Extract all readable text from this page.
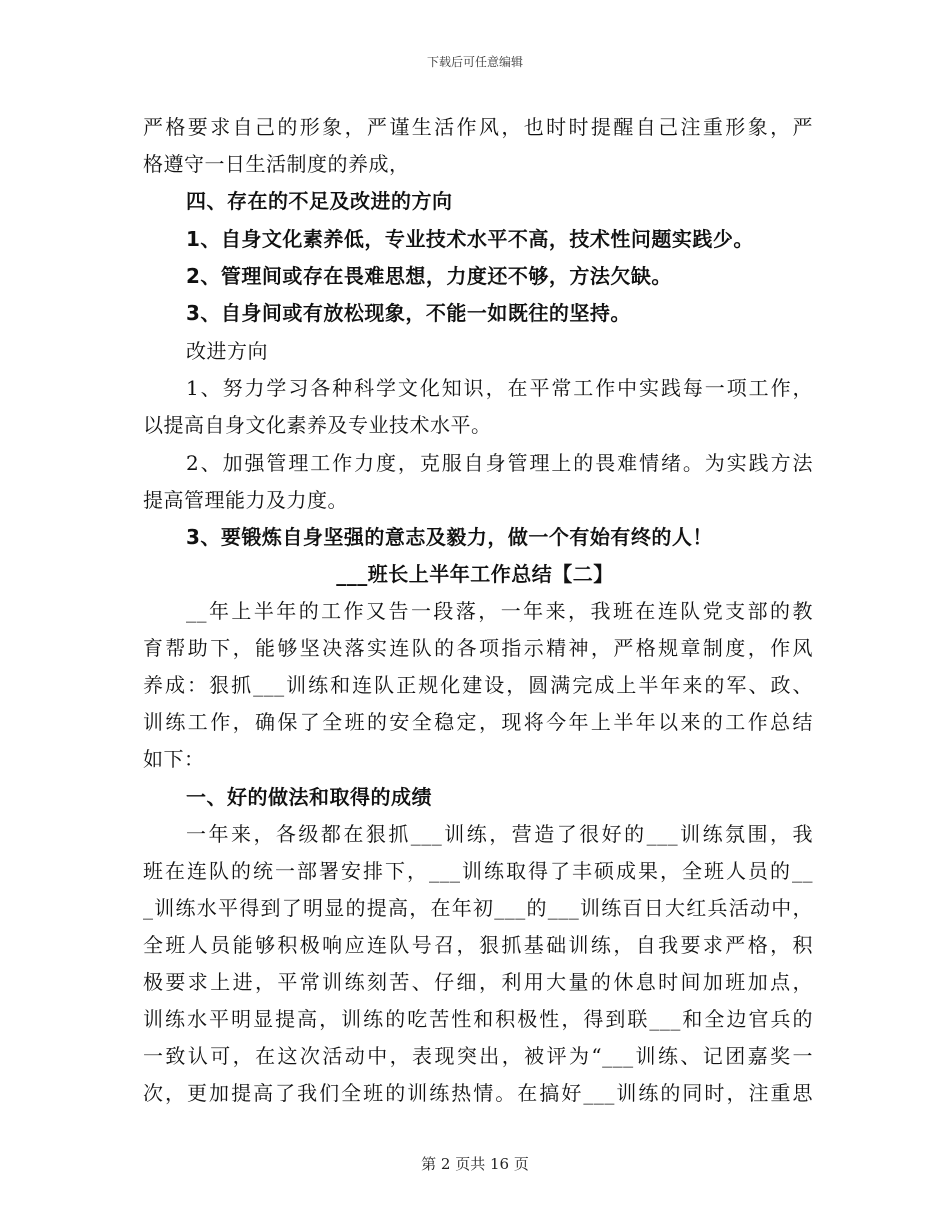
下载后可任意编辑
严格要求自己的形象，严谨生活作风，也时时提醒自己注重形象，严
格遵守一日生活制度的养成，
四、存在的不足及改进的方向
1、自身文化素养低，专业技术水平不高，技术性问题实践少。
2、管理间或存在畏难思想，力度还不够，方法欠缺。
3、自身间或有放松现象，不能一如既往的坚持。
改进方向
1、努力学习各种科学文化知识，在平常工作中实践每一项工作，
以提高自身文化素养及专业技术水平。
2、加强管理工作力度，克服自身管理上的畏难情绪。为实践方法
提高管理能力及力度。
3、要锻炼自身坚强的意志及毅力，做一个有始有终的人！
___班长上半年工作总结【二】
__年上半年的工作又告一段落，一年来，我班在连队党支部的教
育帮助下，能够坚决落实连队的各项指示精神，严格规章制度，作风
养成：狠抓___训练和连队正规化建设，圆满完成上半年来的军、政、
训练工作，确保了全班的安全稳定，现将今年上半年以来的工作总结
如下：
一、好的做法和取得的成绩
一年来，各级都在狠抓___训练，营造了很好的___训练氛围，我
班在连队的统一部署安排下，___训练取得了丰硕成果，全班人员的__
_训练水平得到了明显的提高，在年初___的___训练百日大红兵活动中，
全班人员能够积极响应连队号召，狠抓基础训练，自我要求严格，积
极要求上进，平常训练刻苦、仔细，利用大量的休息时间加班加点，
训练水平明显提高，训练的吃苦性和积极性，得到联___和全边官兵的
一致认可，在这次活动中，表现突出，被评为“___训练、记团嘉奖一
次，更加提高了我们全班的训练热情。在搞好___训练的同时，注重思
第 2 页共 16 页
